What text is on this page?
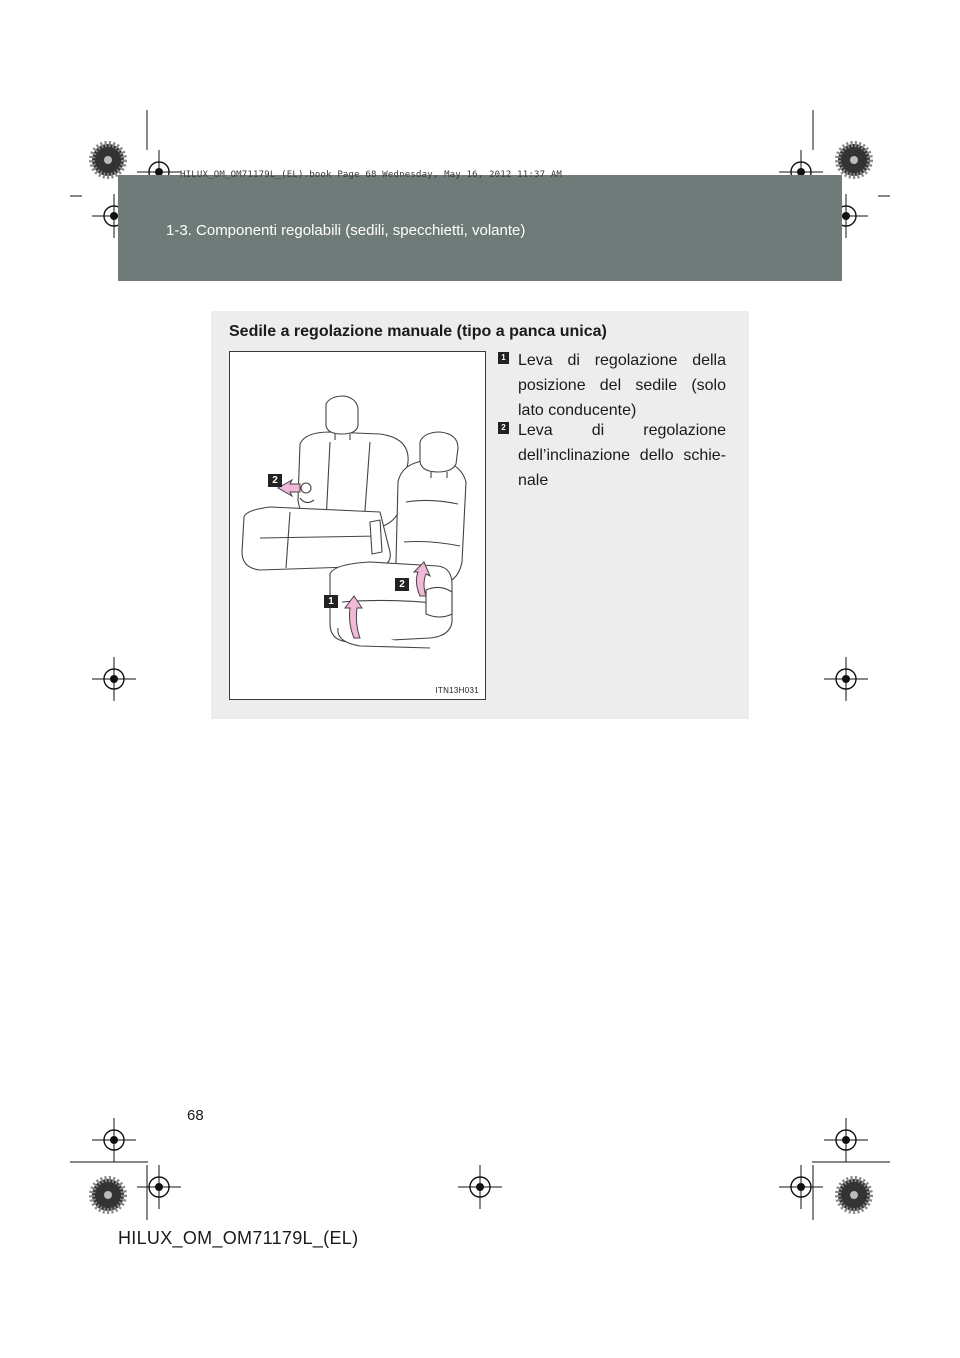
HILUX_OM_OM71179L_(EL).book Page 68 Wednesday, May 16, 2012 11:37 AM
1-3. Componenti regolabili (sedili, specchietti, volante)
Sedile a regolazione manuale (tipo a panca unica)
2
2
1
ITN13H031
1 Leva di regolazione della posizione del sedile (solo lato conducente)
2 Leva di regolazione dell’inclinazione dello schie-nale
68
HILUX_OM_OM71179L_(EL)
